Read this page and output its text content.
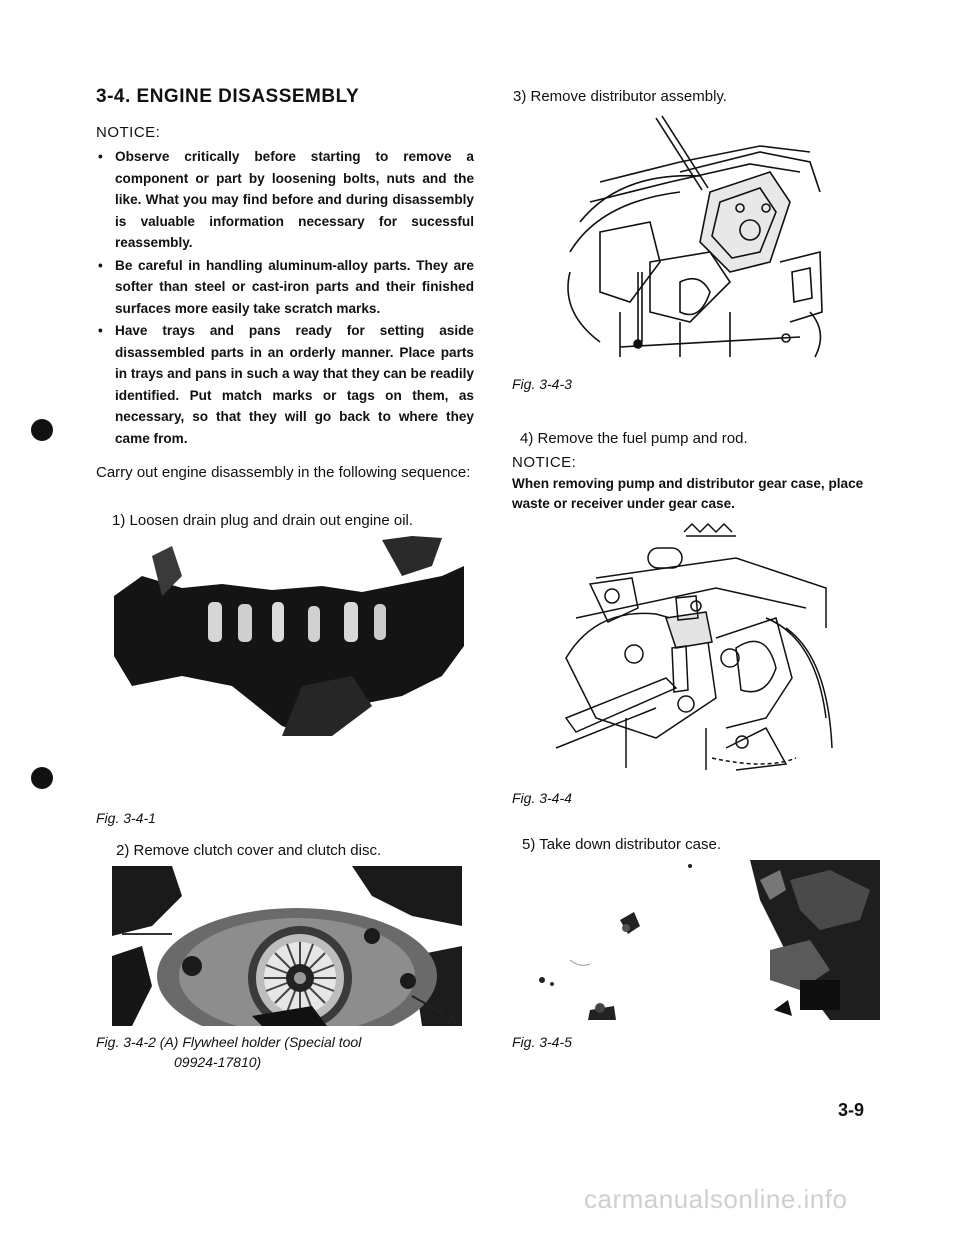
3-4. ENGINE DISASSEMBLY
NOTICE:
• Observe critically before starting to remove a component or part by loosening bolts, nuts and the like. What you may find before and during disassembly is valuable information necessary for sucessful reassembly.
• Be careful in handling aluminum-alloy parts. They are softer than steel or cast-iron parts and their finished surfaces more easily take scratch marks.
• Have trays and pans ready for setting aside disassembled parts in an orderly manner. Place parts in trays and pans in such a way that they can be readily identified. Put match marks or tags on them, as necessary, so that they will go back to where they came from.
Carry out engine disassembly in the following sequence:
1) Loosen drain plug and drain out engine oil.
Fig. 3-4-1
2) Remove clutch cover and clutch disc.
A
Fig. 3-4-2 (A) Flywheel holder (Special tool
09924-17810)
3) Remove distributor assembly.
Fig. 3-4-3
4) Remove the fuel pump and rod.
NOTICE:
When removing pump and distributor gear case, place waste or receiver under gear case.
Fig. 3-4-4
5) Take down distributor case.
Fig. 3-4-5
3-9
carmanualsonline.info
